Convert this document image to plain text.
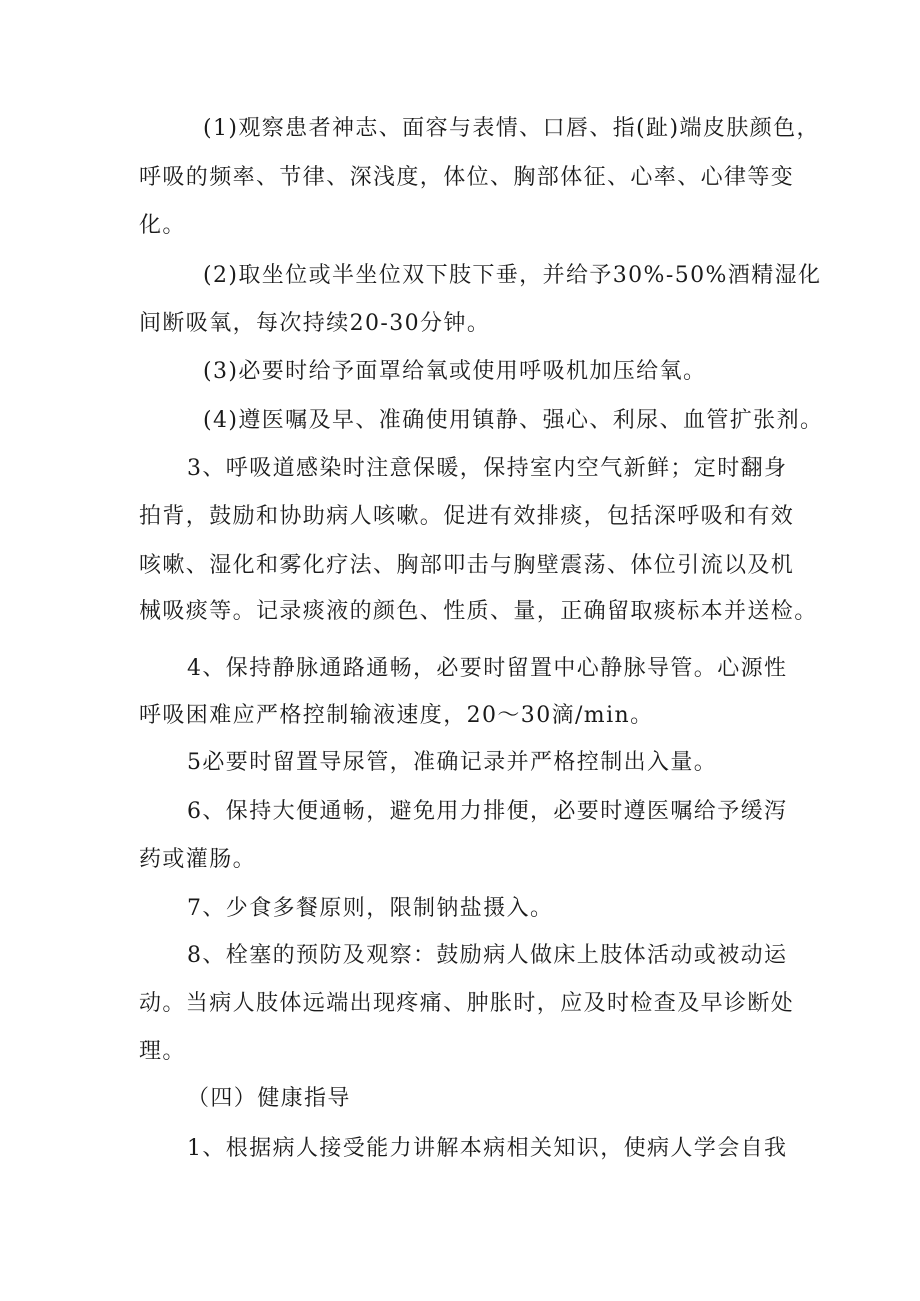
(1)观察患者神志、面容与表情、口唇、指(趾)端皮肤颜色，
呼吸的频率、节律、深浅度，体位、胸部体征、心率、心律等变
化。
(2)取坐位或半坐位双下肢下垂，并给予30%-50%酒精湿化
间断吸氧，每次持续20-30分钟。
(3)必要时给予面罩给氧或使用呼吸机加压给氧。
(4)遵医嘱及早、准确使用镇静、强心、利尿、血管扩张剂。
3、呼吸道感染时注意保暖，保持室内空气新鲜；定时翻身
拍背，鼓励和协助病人咳嗽。促进有效排痰，包括深呼吸和有效
咳嗽、湿化和雾化疗法、胸部叩击与胸壁震荡、体位引流以及机
械吸痰等。记录痰液的颜色、性质、量，正确留取痰标本并送检。
4、保持静脉通路通畅，必要时留置中心静脉导管。心源性
呼吸困难应严格控制输液速度，20～30滴/min。
5必要时留置导尿管，准确记录并严格控制出入量。
6、保持大便通畅，避免用力排便，必要时遵医嘱给予缓泻
药或灌肠。
7、少食多餐原则，限制钠盐摄入。
8、栓塞的预防及观察：鼓励病人做床上肢体活动或被动运
动。当病人肢体远端出现疼痛、肿胀时，应及时检查及早诊断处
理。
（四）健康指导
1、根据病人接受能力讲解本病相关知识，使病人学会自我
